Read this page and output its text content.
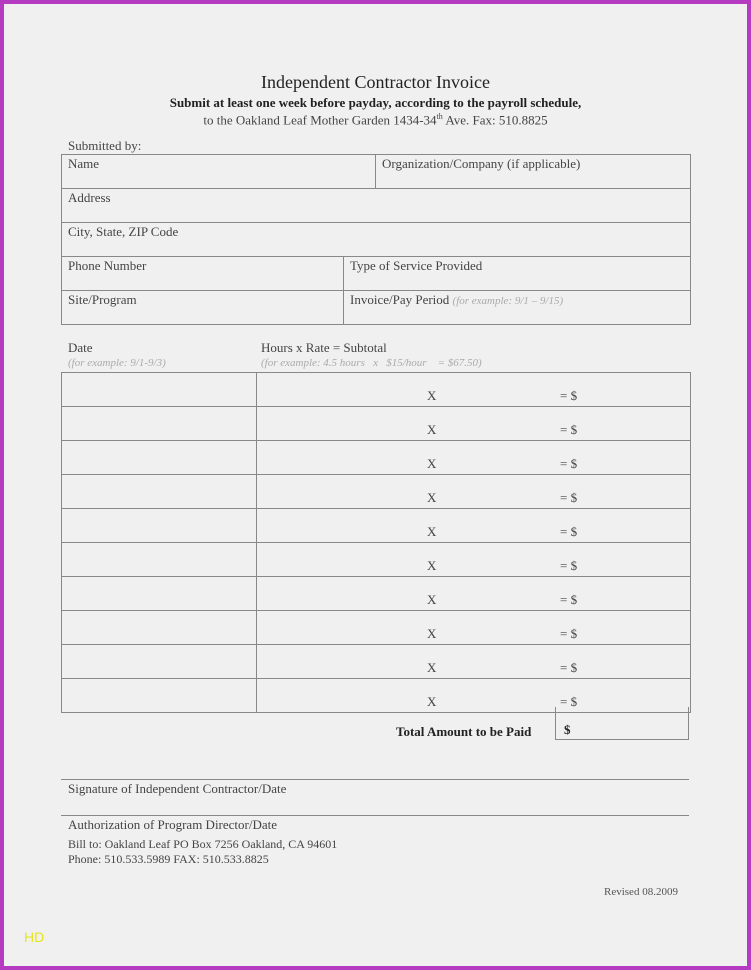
Independent Contractor Invoice
Submit at least one week before payday, according to the payroll schedule,
to the Oakland Leaf Mother Garden 1434-34th Ave. Fax: 510.8825
Submitted by:
Name	Organization/Company (if applicable)
Address
City, State, ZIP Code
Phone Number	Type of Service Provided
Site/Program	Invoice/Pay Period (for example: 9/1 – 9/15)
Date
(for example: 9/1-9/3)
Hours x Rate = Subtotal
(for example: 4.5 hours   x   $15/hour    = $67.50)
X	= $
X	= $
X	= $
X	= $
X	= $
X	= $
X	= $
X	= $
X	= $
X	= $
Total Amount to be Paid	$
Signature of Independent Contractor/Date
Authorization of Program Director/Date
Bill to: Oakland Leaf PO Box 7256 Oakland, CA 94601
Phone: 510.533.5989 FAX: 510.533.8825
Revised 08.2009
HD
